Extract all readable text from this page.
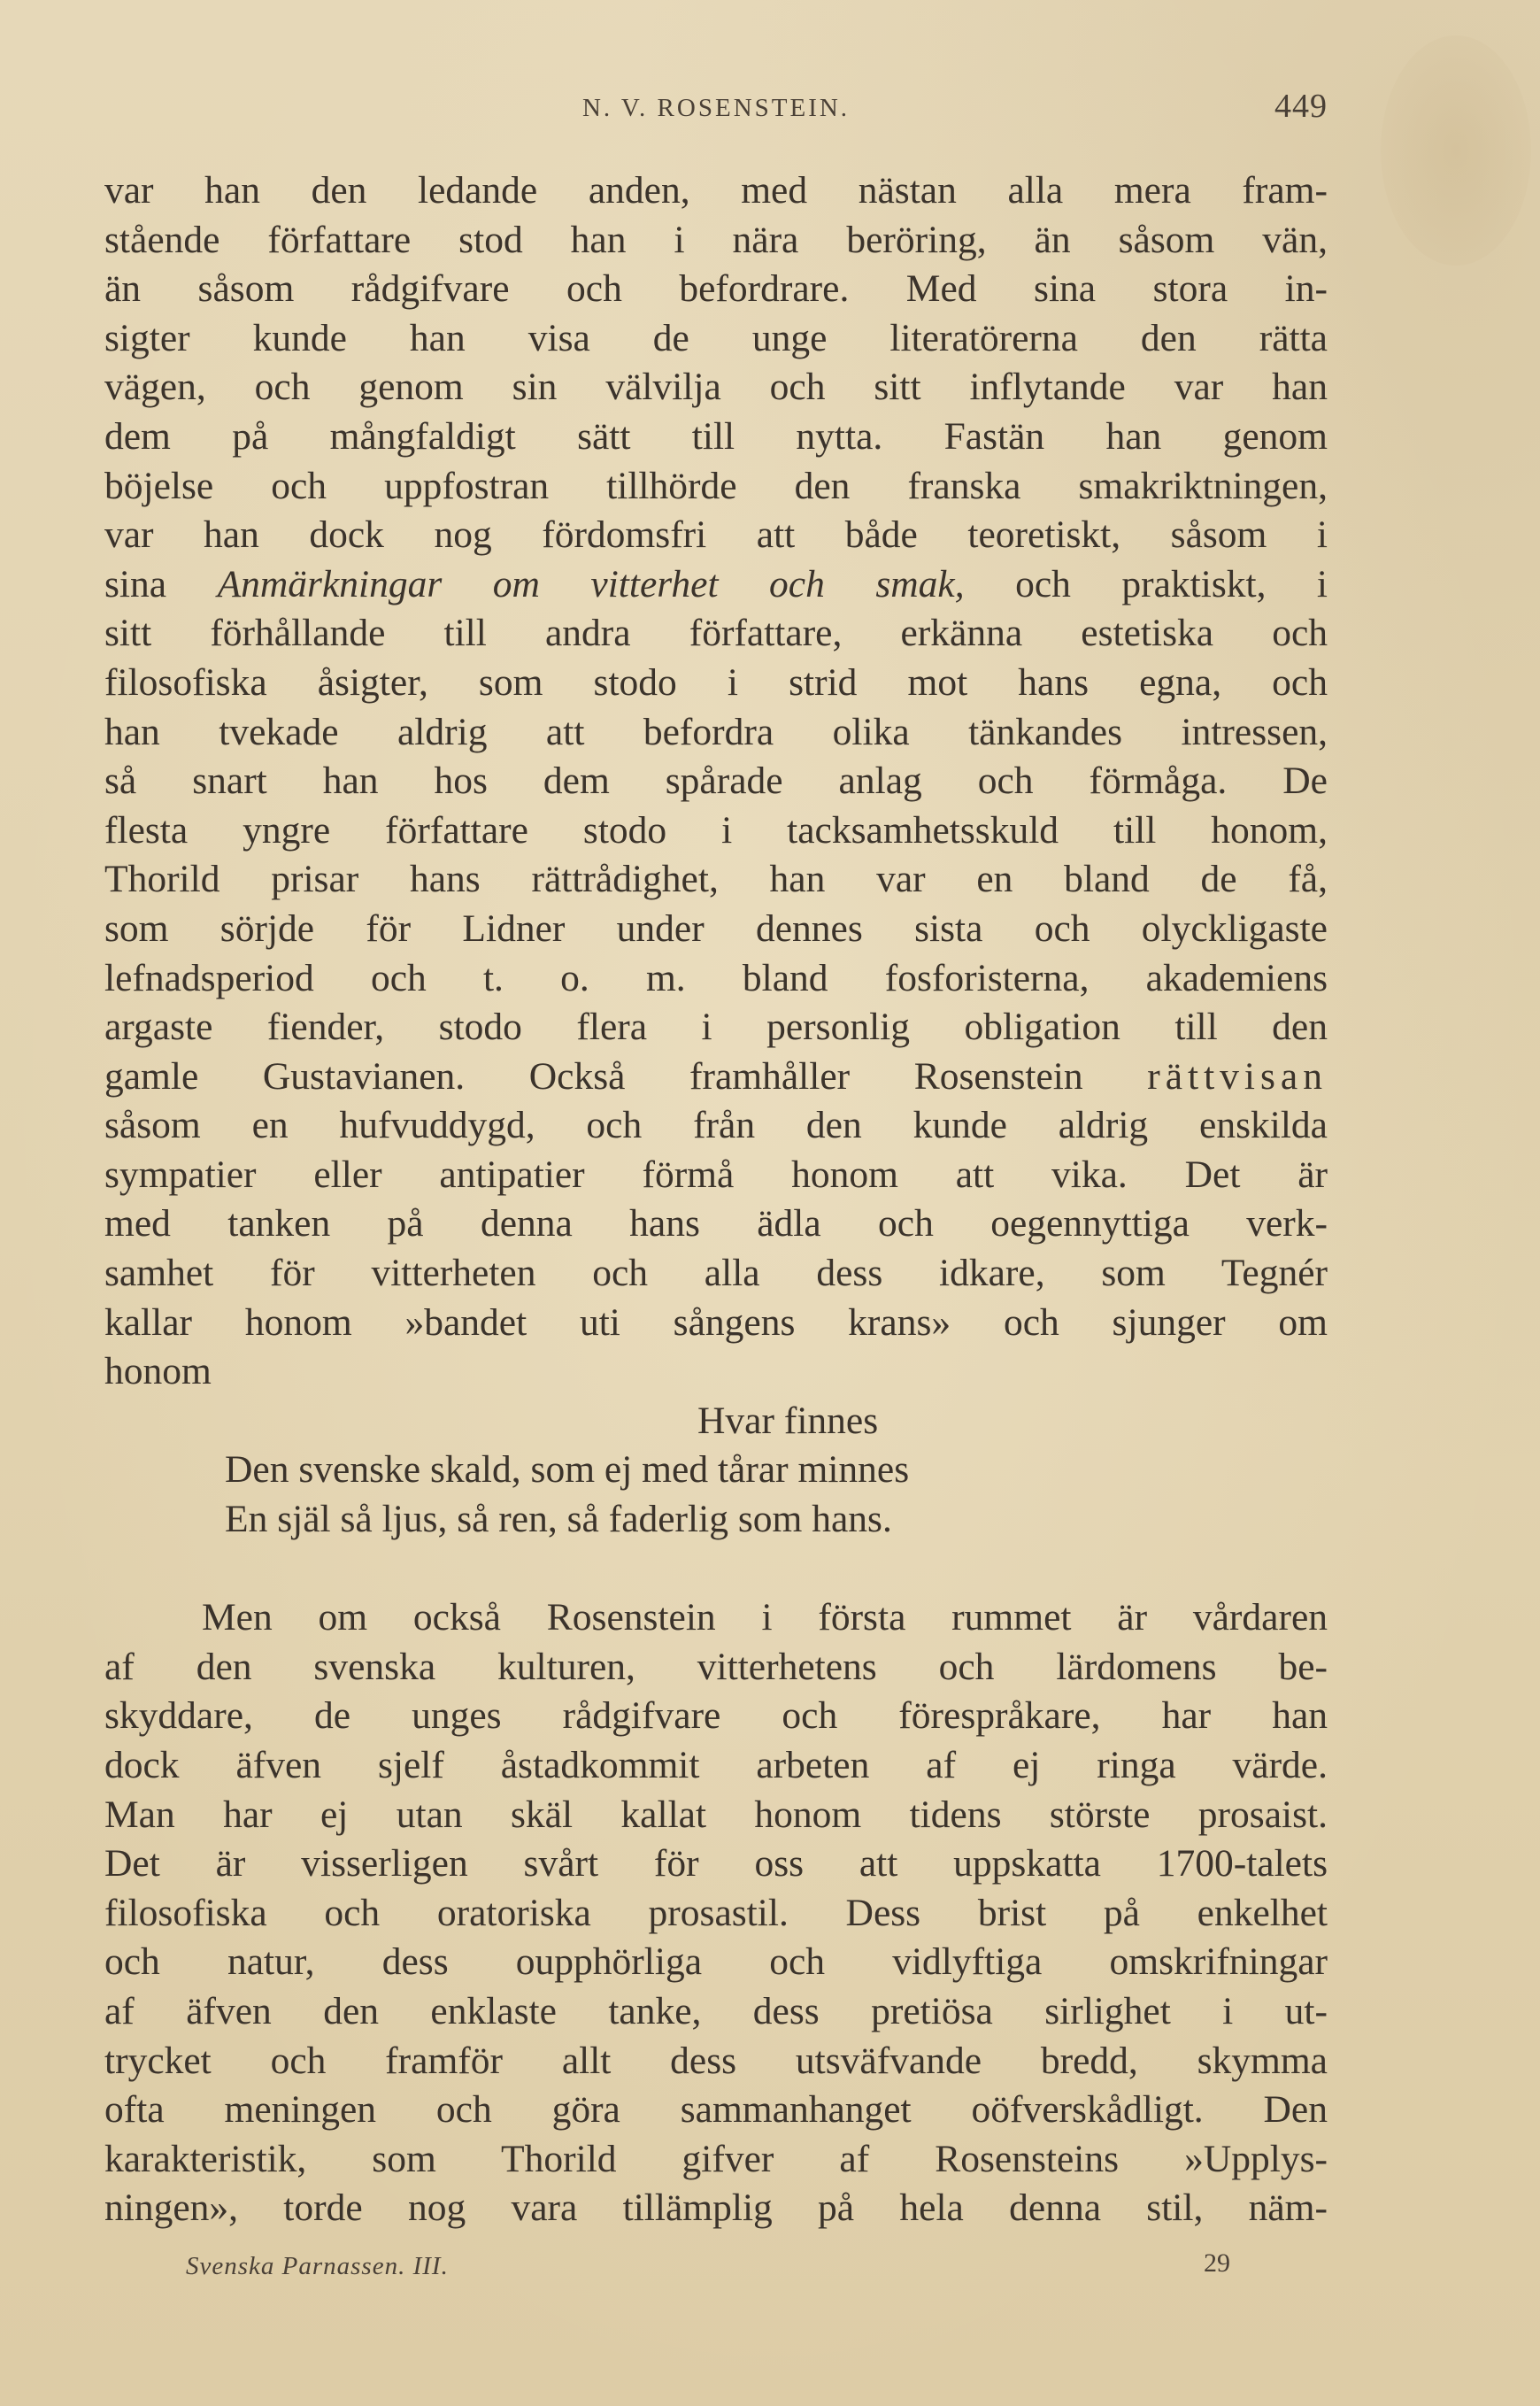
N. V. ROSENSTEIN.	449
var han den ledande anden, med nästan alla mera fram-
stående författare stod han i nära beröring, än såsom vän,
än såsom rådgifvare och befordrare. Med sina stora in-
sigter kunde han visa de unge literatörerna den rätta
vägen, och genom sin välvilja och sitt inflytande var han
dem på mångfaldigt sätt till nytta. Fastän han genom
böjelse och uppfostran tillhörde den franska smakriktningen,
var han dock nog fördomsfri att både teoretiskt, såsom i
sina Anmärkningar om vitterhet och smak, och praktiskt, i
sitt förhållande till andra författare, erkänna estetiska och
filosofiska åsigter, som stodo i strid mot hans egna, och
han tvekade aldrig att befordra olika tänkandes intressen,
så snart han hos dem spårade anlag och förmåga. De
flesta yngre författare stodo i tacksamhetsskuld till honom,
Thorild prisar hans rättrådighet, han var en bland de få,
som sörjde för Lidner under dennes sista och olyckligaste
lefnadsperiod och t. o. m. bland fosforisterna, akademiens
argaste fiender, stodo flera i personlig obligation till den
gamle Gustavianen. Också framhåller Rosenstein rättvisan
såsom en hufvuddygd, och från den kunde aldrig enskilda
sympatier eller antipatier förmå honom att vika. Det är
med tanken på denna hans ädla och oegennyttiga verk-
samhet för vitterheten och alla dess idkare, som Tegnér
kallar honom »bandet uti sångens krans» och sjunger om
honom
Hvar finnes
Den svenske skald, som ej med tårar minnes
En själ så ljus, så ren, så faderlig som hans.
Men om också Rosenstein i första rummet är vårdaren
af den svenska kulturen, vitterhetens och lärdomens be-
skyddare, de unges rådgifvare och förespråkare, har han
dock äfven sjelf åstadkommit arbeten af ej ringa värde.
Man har ej utan skäl kallat honom tidens störste prosaist.
Det är visserligen svårt för oss att uppskatta 1700-talets
filosofiska och oratoriska prosastil. Dess brist på enkelhet
och natur, dess oupphörliga och vidlyftiga omskrifningar
af äfven den enklaste tanke, dess pretiösa sirlighet i ut-
trycket och framför allt dess utsväfvande bredd, skymma
ofta meningen och göra sammanhanget oöfverskådligt. Den
karakteristik, som Thorild gifver af Rosensteins »Upplys-
ningen», torde nog vara tillämplig på hela denna stil, näm-
Svenska Parnassen. III.	29
